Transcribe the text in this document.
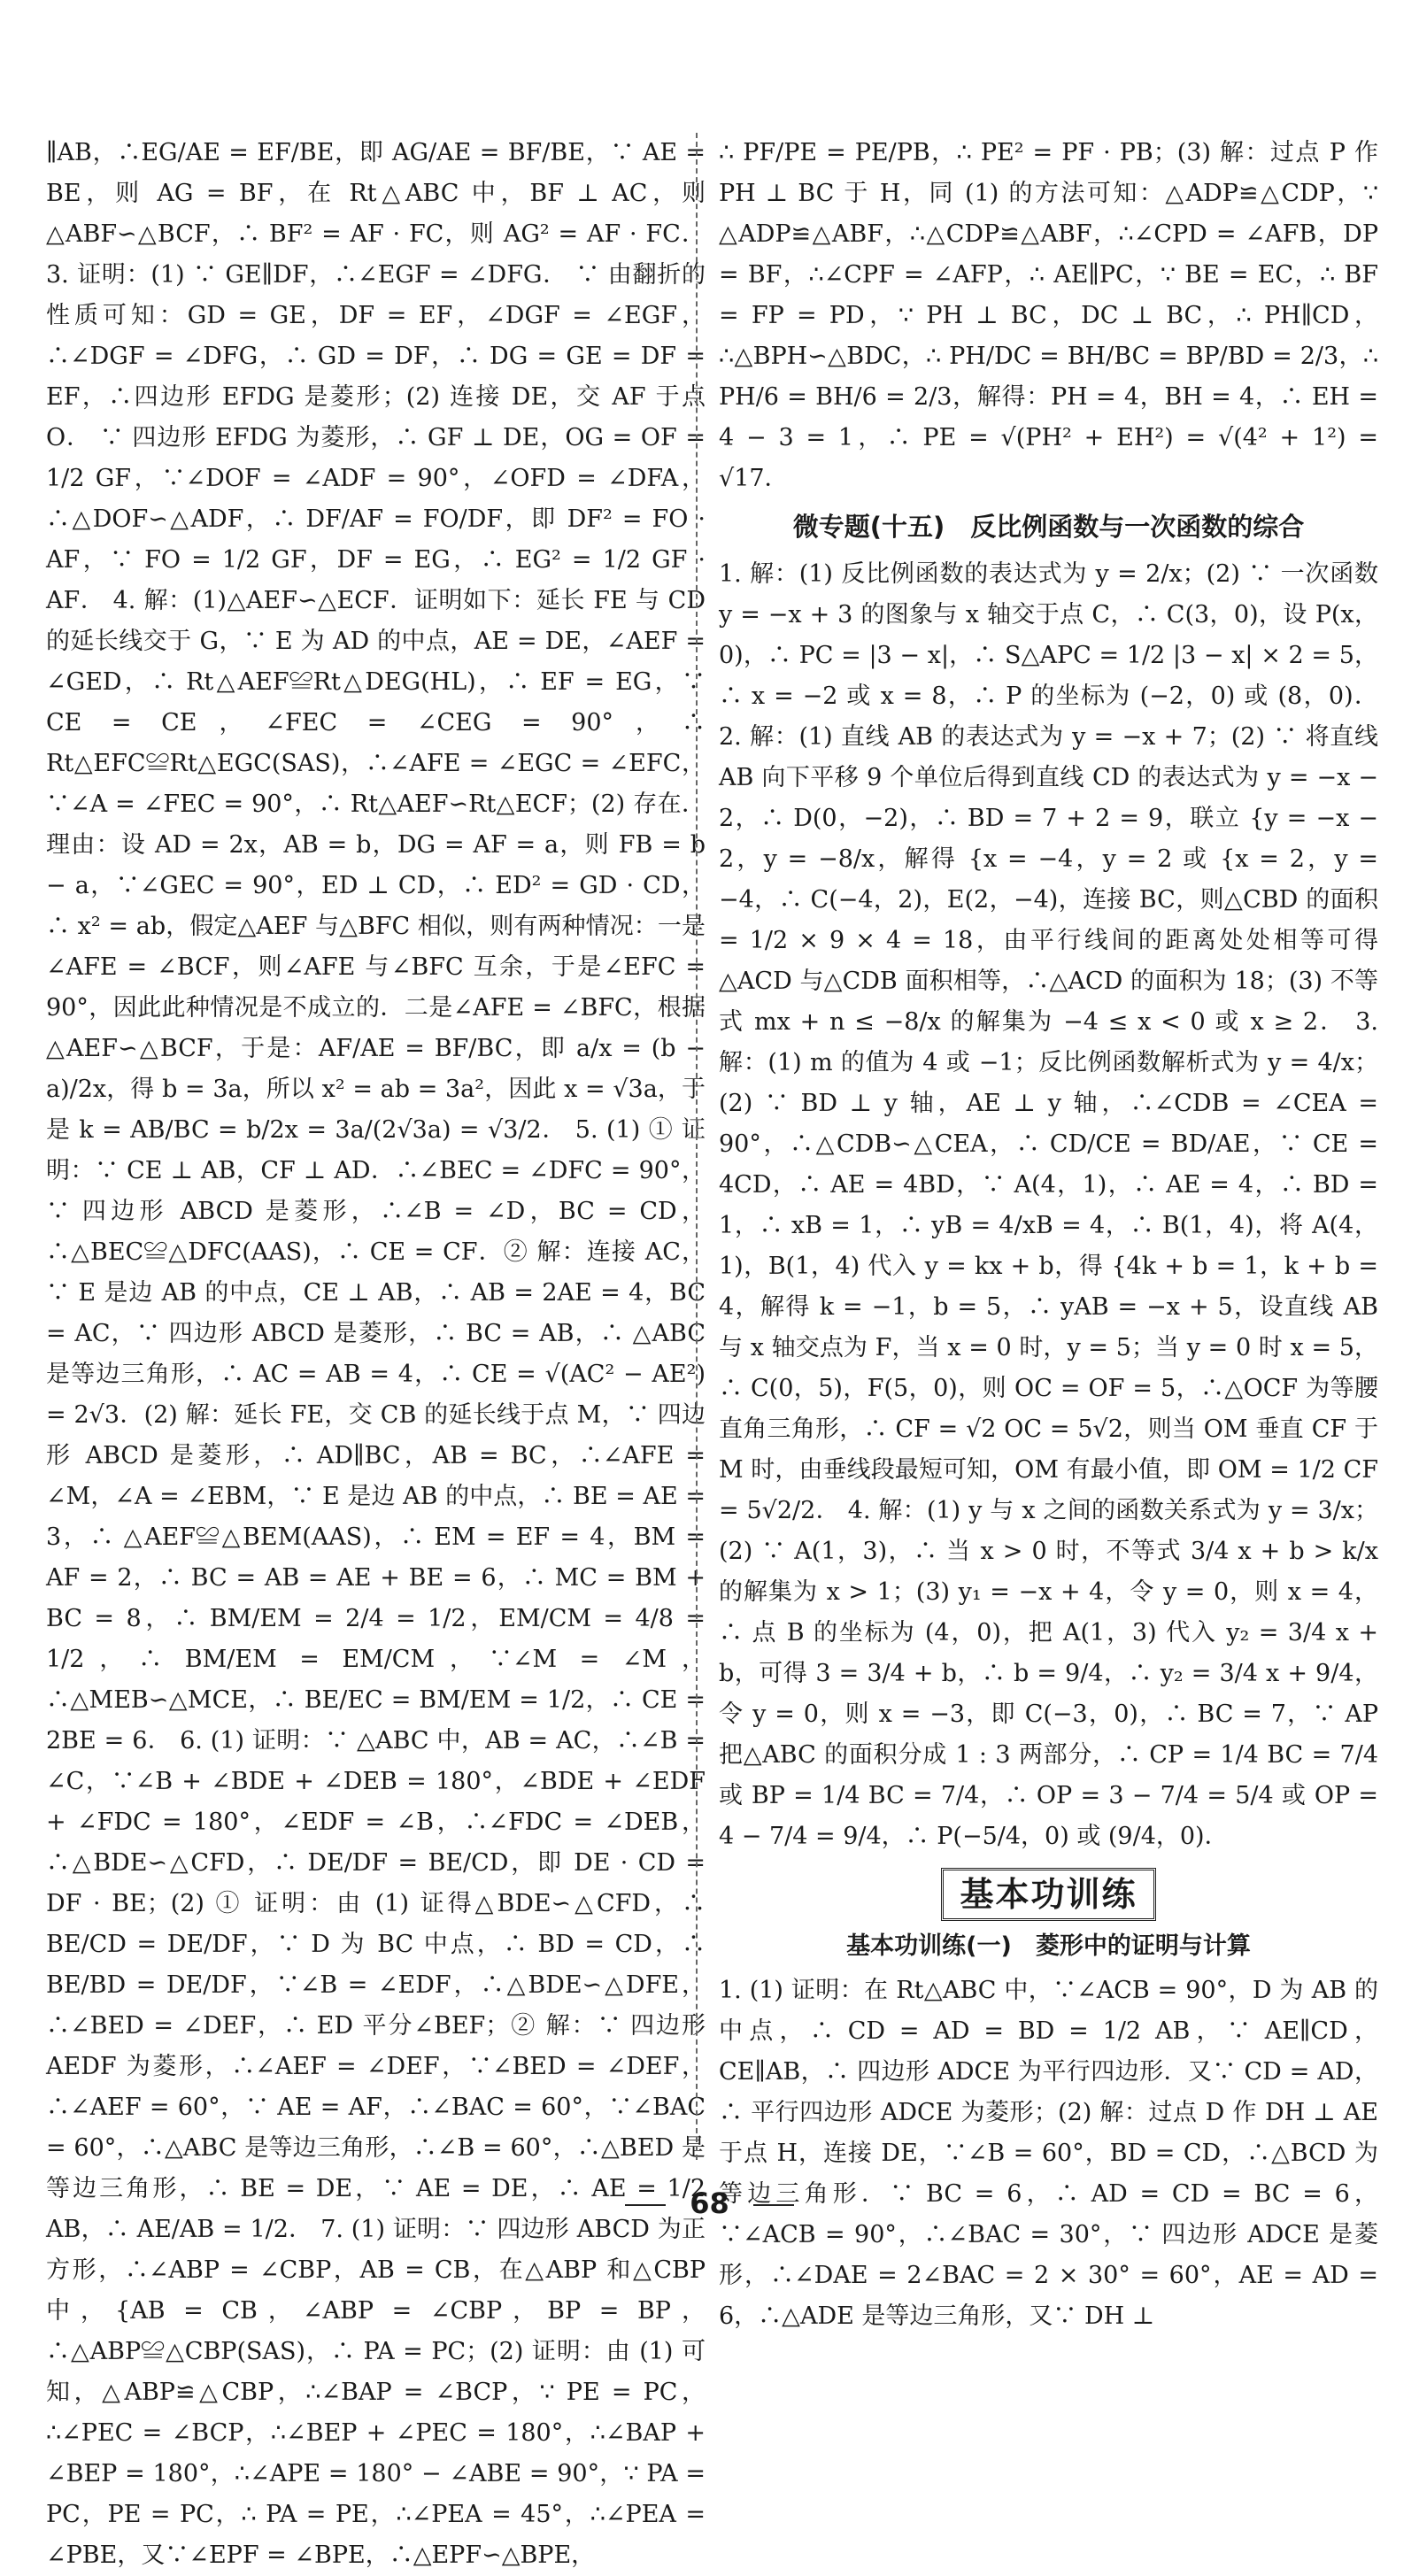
∥AB，∴EG/AE = EF/BE，即 AG/AE = BF/BE，∵ AE = BE，则 AG = BF，在 Rt△ABC 中，BF ⊥ AC，则△ABF∽△BCF，∴ BF² = AF · FC，则 AG² = AF · FC． 3. 证明：(1) ∵ GE∥DF，∴∠EGF = ∠DFG． ∵ 由翻折的性质可知：GD = GE，DF = EF，∠DGF = ∠EGF，∴∠DGF = ∠DFG，∴ GD = DF，∴ DG = GE = DF = EF，∴四边形 EFDG 是菱形；(2) 连接 DE，交 AF 于点 O． ∵ 四边形 EFDG 为菱形，∴ GF ⊥ DE，OG = OF = 1/2 GF，∵∠DOF = ∠ADF = 90°，∠OFD = ∠DFA，∴△DOF∽△ADF，∴ DF/AF = FO/DF，即 DF² = FO · AF，∵ FO = 1/2 GF，DF = EG，∴ EG² = 1/2 GF · AF． 4. 解：(1)△AEF∽△ECF．证明如下：延长 FE 与 CD 的延长线交于 G，∵ E 为 AD 的中点，AE = DE，∠AEF = ∠GED，∴ Rt△AEF≌Rt△DEG(HL)，∴ EF = EG，∵ CE = CE，∠FEC = ∠CEG = 90°，∴ Rt△EFC≌Rt△EGC(SAS)，∴∠AFE = ∠EGC = ∠EFC，∵∠A = ∠FEC = 90°，∴ Rt△AEF∽Rt△ECF；(2) 存在．理由：设 AD = 2x，AB = b，DG = AF = a，则 FB = b − a，∵∠GEC = 90°，ED ⊥ CD，∴ ED² = GD · CD，∴ x² = ab，假定△AEF 与△BFC 相似，则有两种情况：一是∠AFE = ∠BCF，则∠AFE 与∠BFC 互余，于是∠EFC = 90°，因此此种情况是不成立的．二是∠AFE = ∠BFC，根据△AEF∽△BCF，于是：AF/AE = BF/BC，即 a/x = (b − a)/2x，得 b = 3a，所以 x² = ab = 3a²，因此 x = √3a，于是 k = AB/BC = b/2x = 3a/(2√3a) = √3/2． 5. (1) ① 证明：∵ CE ⊥ AB，CF ⊥ AD．∴∠BEC = ∠DFC = 90°，∵ 四边形 ABCD 是菱形，∴∠B = ∠D，BC = CD，∴△BEC≌△DFC(AAS)，∴ CE = CF．② 解：连接 AC，∵ E 是边 AB 的中点，CE ⊥ AB，∴ AB = 2AE = 4，BC = AC，∵ 四边形 ABCD 是菱形，∴ BC = AB，∴ △ABC 是等边三角形，∴ AC = AB = 4，∴ CE = √(AC² − AE²) = 2√3．(2) 解：延长 FE，交 CB 的延长线于点 M，∵ 四边形 ABCD 是菱形，∴ AD∥BC，AB = BC，∴∠AFE = ∠M，∠A = ∠EBM，∵ E 是边 AB 的中点，∴ BE = AE = 3，∴ △AEF≌△BEM(AAS)，∴ EM = EF = 4，BM = AF = 2，∴ BC = AB = AE + BE = 6，∴ MC = BM + BC = 8，∴ BM/EM = 2/4 = 1/2，EM/CM = 4/8 = 1/2，∴ BM/EM = EM/CM，∵∠M = ∠M，∴△MEB∽△MCE，∴ BE/EC = BM/EM = 1/2，∴ CE = 2BE = 6． 6. (1) 证明：∵ △ABC 中，AB = AC，∴∠B = ∠C，∵∠B + ∠BDE + ∠DEB = 180°，∠BDE + ∠EDF + ∠FDC = 180°，∠EDF = ∠B，∴∠FDC = ∠DEB，∴△BDE∽△CFD，∴ DE/DF = BE/CD，即 DE · CD = DF · BE；(2) ① 证明：由 (1) 证得△BDE∽△CFD，∴ BE/CD = DE/DF，∵ D 为 BC 中点，∴ BD = CD，∴ BE/BD = DE/DF，∵∠B = ∠EDF，∴△BDE∽△DFE，∴∠BED = ∠DEF，∴ ED 平分∠BEF；② 解：∵ 四边形 AEDF 为菱形，∴∠AEF = ∠DEF，∵∠BED = ∠DEF，∴∠AEF = 60°，∵ AE = AF，∴∠BAC = 60°，∵∠BAC = 60°，∴△ABC 是等边三角形，∴∠B = 60°，∴△BED 是等边三角形，∴ BE = DE，∵ AE = DE，∴ AE = 1/2 AB，∴ AE/AB = 1/2． 7. (1) 证明：∵ 四边形 ABCD 为正方形，∴∠ABP = ∠CBP，AB = CB，在△ABP 和△CBP 中，{AB = CB，∠ABP = ∠CBP，BP = BP，∴△ABP≌△CBP(SAS)，∴ PA = PC；(2) 证明：由 (1) 可知，△ABP≌△CBP，∴∠BAP = ∠BCP，∵ PE = PC，∴∠PEC = ∠BCP，∴∠BEP + ∠PEC = 180°，∴∠BAP + ∠BEP = 180°，∴∠APE = 180° − ∠ABE = 90°，∵ PA = PC，PE = PC，∴ PA = PE，∴∠PEA = 45°，∴∠PEA = ∠PBE，又∵∠EPF = ∠BPE，∴△EPF∽△BPE，

∴ PF/PE = PE/PB，∴ PE² = PF · PB；(3) 解：过点 P 作 PH ⊥ BC 于 H，同 (1) 的方法可知：△ADP≌△CDP，∵ △ADP≌△ABF，∴△CDP≌△ABF，∴∠CPD = ∠AFB，DP = BF，∴∠CPF = ∠AFP，∴ AE∥PC，∵ BE = EC，∴ BF = FP = PD，∵ PH ⊥ BC，DC ⊥ BC，∴ PH∥CD，∴△BPH∽△BDC，∴ PH/DC = BH/BC = BP/BD = 2/3，∴ PH/6 = BH/6 = 2/3，解得：PH = 4，BH = 4，∴ EH = 4 − 3 = 1，∴ PE = √(PH² + EH²) = √(4² + 1²) = √17．

微专题(十五)　反比例函数与一次函数的综合

1. 解：(1) 反比例函数的表达式为 y = 2/x；(2) ∵ 一次函数 y = −x + 3 的图象与 x 轴交于点 C，∴ C(3，0)，设 P(x，0)，∴ PC = |3 − x|，∴ S△APC = 1/2 |3 − x| × 2 = 5，∴ x = −2 或 x = 8，∴ P 的坐标为 (−2，0) 或 (8，0)． 2. 解：(1) 直线 AB 的表达式为 y = −x + 7；(2) ∵ 将直线 AB 向下平移 9 个单位后得到直线 CD 的表达式为 y = −x − 2，∴ D(0，−2)，∴ BD = 7 + 2 = 9，联立 {y = −x − 2，y = −8/x，解得 {x = −4，y = 2 或 {x = 2，y = −4，∴ C(−4，2)，E(2，−4)，连接 BC，则△CBD 的面积 = 1/2 × 9 × 4 = 18，由平行线间的距离处处相等可得△ACD 与△CDB 面积相等，∴△ACD 的面积为 18；(3) 不等式 mx + n ≤ −8/x 的解集为 −4 ≤ x < 0 或 x ≥ 2． 3. 解：(1) m 的值为 4 或 −1；反比例函数解析式为 y = 4/x；(2) ∵ BD ⊥ y 轴，AE ⊥ y 轴，∴∠CDB = ∠CEA = 90°，∴△CDB∽△CEA，∴ CD/CE = BD/AE，∵ CE = 4CD，∴ AE = 4BD，∵ A(4，1)，∴ AE = 4，∴ BD = 1，∴ xB = 1，∴ yB = 4/xB = 4，∴ B(1，4)，将 A(4，1)，B(1，4) 代入 y = kx + b，得 {4k + b = 1，k + b = 4，解得 k = −1，b = 5，∴ yAB = −x + 5，设直线 AB 与 x 轴交点为 F，当 x = 0 时，y = 5；当 y = 0 时 x = 5，∴ C(0，5)，F(5，0)，则 OC = OF = 5，∴△OCF 为等腰直角三角形，∴ CF = √2 OC = 5√2，则当 OM 垂直 CF 于 M 时，由垂线段最短可知，OM 有最小值，即 OM = 1/2 CF = 5√2/2． 4. 解：(1) y 与 x 之间的函数关系式为 y = 3/x；(2) ∵ A(1，3)，∴ 当 x > 0 时，不等式 3/4 x + b > k/x 的解集为 x > 1；(3) y₁ = −x + 4，令 y = 0，则 x = 4，∴ 点 B 的坐标为 (4，0)，把 A(1，3) 代入 y₂ = 3/4 x + b，可得 3 = 3/4 + b，∴ b = 9/4，∴ y₂ = 3/4 x + 9/4，令 y = 0，则 x = −3，即 C(−3，0)，∴ BC = 7，∵ AP 把△ABC 的面积分成 1 : 3 两部分，∴ CP = 1/4 BC = 7/4 或 BP = 1/4 BC = 7/4，∴ OP = 3 − 7/4 = 5/4 或 OP = 4 − 7/4 = 9/4，∴ P(−5/4，0) 或 (9/4，0)．

基本功训练
基本功训练(一)　菱形中的证明与计算

1. (1) 证明：在 Rt△ABC 中，∵∠ACB = 90°，D 为 AB 的中点，∴ CD = AD = BD = 1/2 AB，∵ AE∥CD，CE∥AB，∴ 四边形 ADCE 为平行四边形．又∵ CD = AD，∴ 平行四边形 ADCE 为菱形；(2) 解：过点 D 作 DH ⊥ AE 于点 H，连接 DE，∵∠B = 60°，BD = CD，∴△BCD 为等边三角形．∵ BC = 6，∴ AD = CD = BC = 6，∵∠ACB = 90°，∴∠BAC = 30°，∵ 四边形 ADCE 是菱形，∴∠DAE = 2∠BAC = 2 × 30° = 60°，AE = AD = 6，∴△ADE 是等边三角形，又∵ DH ⊥

68
